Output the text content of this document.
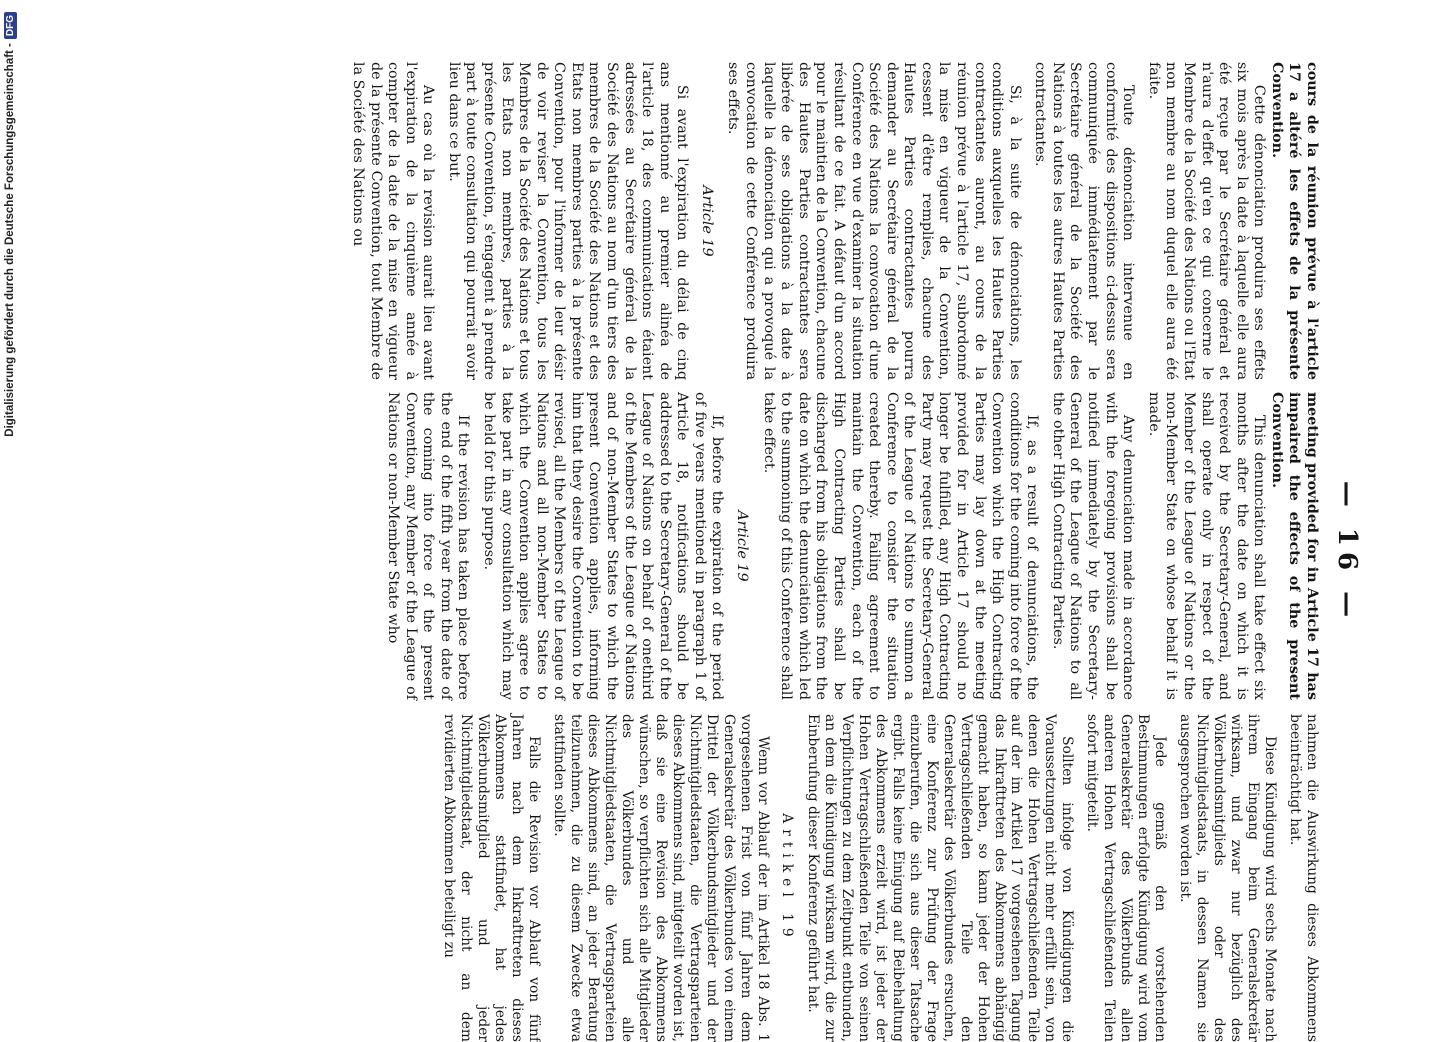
— 16 —

cours de la réunion prévue à l'article 17 a altéré les effets de la présente Convention.

Cette dénonciation produira ses effets six mois après la date à laquelle elle aura été reçue par le Secrétaire général et n'aura d'effet qu'en ce qui concerne le Membre de la Société des Nations ou l'Etat non membre au nom duquel elle aura été faite.

Toute dénonciation intervenue en conformité des dispositions ci-dessus sera communiquée immédiatement par le Secrétaire général de la Société des Nations à toutes les autres Hautes Parties contractantes.

Si, à la suite de dénonciations, les conditions auxquelles les Hautes Parties contractantes auront, au cours de la réunion prévue à l'article 17, subordonné la mise en vigueur de la Convention, cessent d'être remplies, chacune des Hautes Parties contractantes pourra demander au Secrétaire général de la Société des Nations la convocation d'une Conférence en vue d'examiner la situation résultant de ce fait. A défaut d'un accord pour le maintien de la Convention, chacune des Hautes Parties contractantes sera libérée de ses obligations à la date à laquelle la dénonciation qui a provoqué la convocation de cette Conférence produira ses effets.

Article 19

Si avant l'expiration du délai de cinq ans mentionné au premier alinéa de l'article 18, des communications étaient adressées au Secrétaire général de la Société des Nations au nom d'un tiers des membres de la Société des Nations et des Etats non membres parties à la présente Convention, pour l'informer de leur désir de voir reviser la Convention, tous les Membres de la Société des Nations et tous les Etats non membres, parties à la présente Convention, s'engagent à prendre part à toute consultation qui pourrait avoir lieu dans ce but.

Au cas où la revision aurait lieu avant l'expiration de la cinquième année à compter de la date de la mise en vigueur de la présente Convention, tout Membre de la Société des Nations ou

meeting provided for in Article 17 has impaired the effects of the present Convention.

This denunciation shall take effect six months after the date on which it is received by the Secretary-General, and shall operate only in respect of the Member of the League of Nations or the non-Member State on whose behalf it is made.

Any denunciation made in accordance with the foregoing provisions shall be notified immediately by the Secretary-General of the League of Nations to all the other High Contracting Parties.

If, as a result of denunciations, the conditions for the coming into force of the Convention which the High Contracting Parties may lay down at the meeting provided for in Article 17 should no longer be fulfilled, any High Contracting Party may request the Secretary-General of the League of Nations to summon a Conference to consider the situation created thereby. Failing agreement to maintain the Convention, each of the High Contracting Parties shall be discharged from his obligations from the date on which the denunciation which led to the summoning of this Conference shall take effect.

Article 19

If, before the expiration of the period of five years mentioned in paragraph 1 of Article 18, notifications should be addressed to the Secretary-General of the League of Nations on behalf of onethird of the Members of the League of Nations and of non-Member States to which the present Convention applies, informing him that they desire the Convention to be revised, all the Members of the League of Nations and all non-Member States to which the Convention applies agree to take part in any consultation which may be held for this purpose.

If the revision has taken place before the end of the fifth year from the date of the coming into force of the present Convention, any Member of the League of Nations or non-Member State who

nahmen die Auswirkung dieses Abkommens beeinträchtigt hat.

Diese Kündigung wird sechs Monate nach ihrem Eingang beim Generalsekretär wirksam, und zwar nur bezüglich des Völkerbundsmitglieds oder des Nichtmitgliedstaats, in dessen Namen sie ausgesprochen worden ist.

Jede gemäß den vorstehenden Bestimmungen erfolgte Kündigung wird vom Generalsekretär des Völkerbunds allen anderen Hohen Vertragschließenden Teilen sofort mitgeteilt.

Sollten infolge von Kündigungen die Voraussetzungen nicht mehr erfüllt sein, von denen die Hohen Vertragschließenden Teile auf der im Artikel 17 vorgesehenen Tagung das Inkrafttreten des Abkommens abhängig gemacht haben, so kann jeder der Hohen Vertragschließenden Teile den Generalsekretär des Völkerbundes ersuchen, eine Konferenz zur Prüfung der Frage einzuberufen, die sich aus dieser Tatsache ergibt. Falls keine Einigung auf Beibehaltung des Abkommens erzielt wird, ist jeder der Hohen Vertragschließenden Teile von seinen Verpflichtungen zu dem Zeitpunkt entbunden, an dem die Kündigung wirksam wird, die zur Einberufung dieser Konferenz geführt hat.

Artikel 19

Wenn vor Ablauf der im Artikel 18 Abs. 1 vorgesehenen Frist von fünf Jahren dem Generalsekretär des Völkerbundes von einem Drittel der Völkerbundsmitglieder und der Nichtmitgliedstaaten, die Vertragsparteien dieses Abkommens sind, mitgeteilt worden ist, daß sie eine Revision des Abkommens wünschen, so verpflichten sich alle Mitglieder des Völkerbundes und alle Nichtmitgliedstaaten, die Vertragsparteien dieses Abkommens sind, an jeder Beratung teilzunehmen, die zu diesem Zwecke etwa stattfinden sollte.

Falls die Revision vor Ablauf von fünf Jahren nach dem Inkrafttreten dieses Abkommens stattfindet, hat jedes Völkerbundsmitglied und jeder Nichtmitgliedstaat, der nicht an dem revidierten Abkommen beteiligt zu

Digitalisierung gefördert durch die Deutsche Forschungsgemeinschaft -
DFG
